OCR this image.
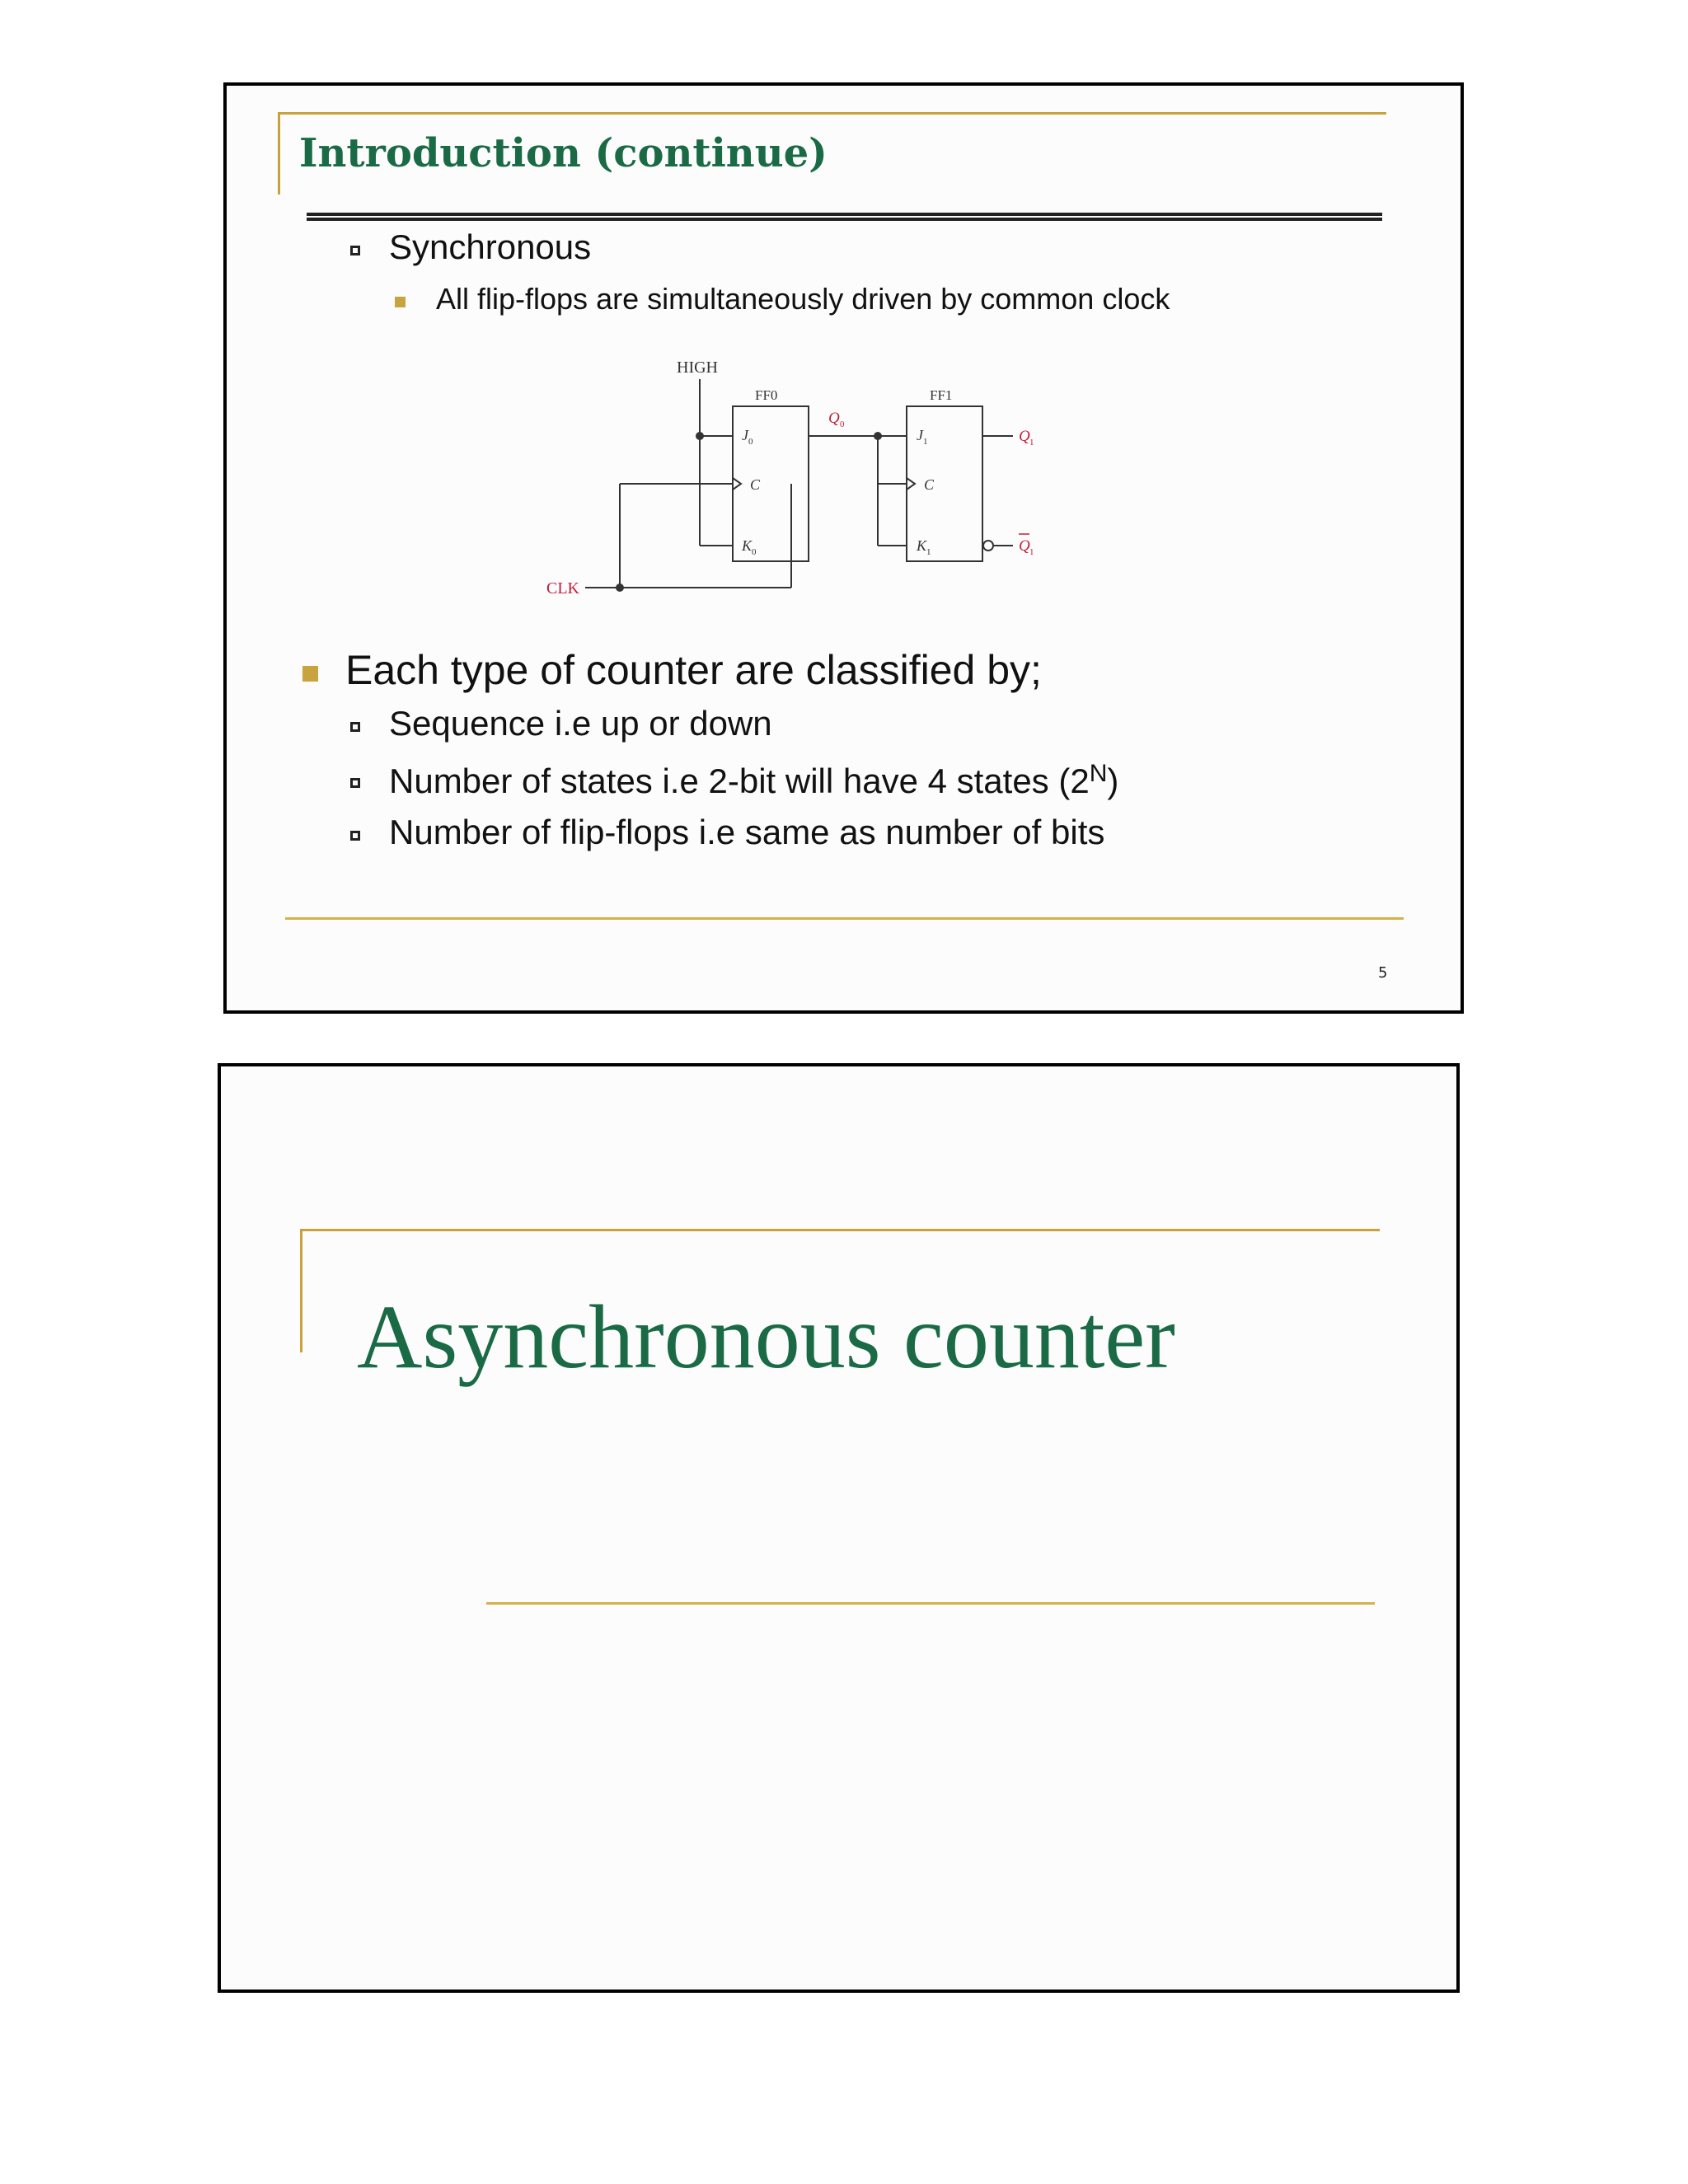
Introduction (continue)

Synchronous

All flip-flops are simultaneously driven by common clock

HIGH
FF0	FF1
J 0
C
K 0
J 1
C
K 1
Q 0
Q 1
Q 1
CLK

Each type of counter are classified by;

Sequence i.e up or down

Number of states i.e 2-bit will have 4 states $(2^N)$

Number of flip-flops i.e same as number of bits

5
Asynchronous counter
